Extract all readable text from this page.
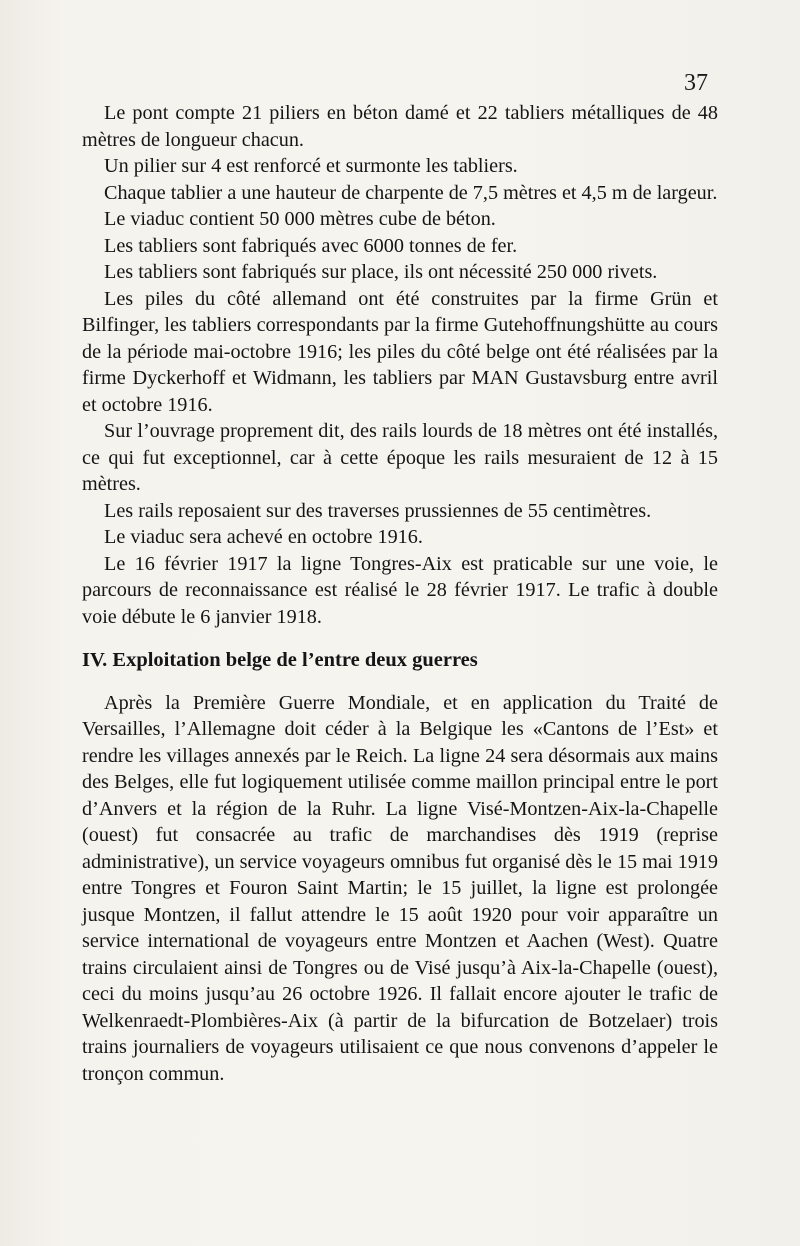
37

Le pont compte 21 piliers en béton damé et 22 tabliers métalliques de 48 mètres de longueur chacun.

Un pilier sur 4 est renforcé et surmonte les tabliers.

Chaque tablier a une hauteur de charpente de 7,5 mètres et 4,5 m de largeur.

Le viaduc contient 50 000 mètres cube de béton.

Les tabliers sont fabriqués avec 6000 tonnes de fer.

Les tabliers sont fabriqués sur place, ils ont nécessité 250 000 rivets.

Les piles du côté allemand ont été construites par la firme Grün et Bilfinger, les tabliers correspondants par la firme Gutehoffnungshütte au cours de la période mai-octobre 1916; les piles du côté belge ont été réalisées par la firme Dyckerhoff et Widmann, les tabliers par MAN Gustavsburg entre avril et octobre 1916.

Sur l’ouvrage proprement dit, des rails lourds de 18 mètres ont été installés, ce qui fut exceptionnel, car à cette époque les rails mesuraient de 12 à 15 mètres.

Les rails reposaient sur des traverses prussiennes de 55 centimètres.

Le viaduc sera achevé en octobre 1916.

Le 16 février 1917 la ligne Tongres-Aix est praticable sur une voie, le parcours de reconnaissance est réalisé le 28 février 1917. Le trafic à double voie débute le 6 janvier 1918.

IV. Exploitation belge de l’entre deux guerres

Après la Première Guerre Mondiale, et en application du Traité de Versailles, l’Allemagne doit céder à la Belgique les «Cantons de l’Est» et rendre les villages annexés par le Reich. La ligne 24 sera désormais aux mains des Belges, elle fut logiquement utilisée comme maillon principal entre le port d’Anvers et la région de la Ruhr. La ligne Visé-Montzen-Aix-la-Chapelle (ouest) fut consacrée au trafic de marchandises dès 1919 (reprise administrative), un service voyageurs omnibus fut organisé dès le 15 mai 1919 entre Tongres et Fouron Saint Martin; le 15 juillet, la ligne est prolongée jusque Montzen, il fallut attendre le 15 août 1920 pour voir apparaître un service international de voyageurs entre Montzen et Aachen (West). Quatre trains circulaient ainsi de Tongres ou de Visé jusqu’à Aix-la-Chapelle (ouest), ceci du moins jusqu’au 26 octobre 1926. Il fallait encore ajouter le trafic de Welkenraedt-Plombières-Aix (à partir de la bifurcation de Botzelaer) trois trains journaliers de voyageurs utilisaient ce que nous convenons d’appeler le tronçon commun.
